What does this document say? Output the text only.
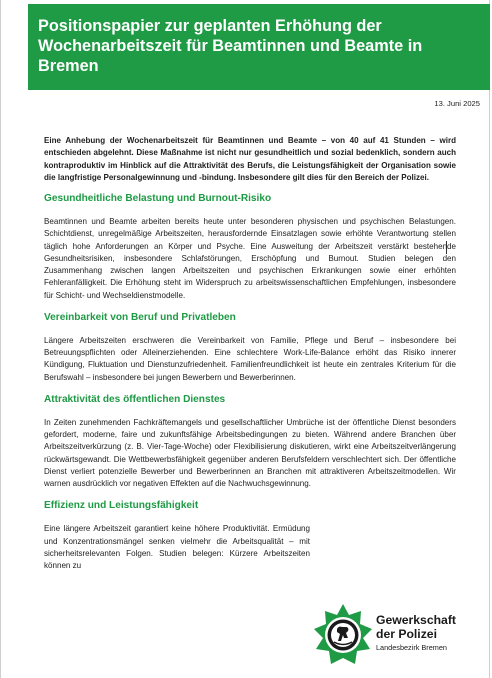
Positionspapier zur geplanten Erhöhung der Wochenarbeitszeit für Beamtinnen und Beamte in Bremen
13. Juni 2025

Eine Anhebung der Wochenarbeitszeit für Beamtinnen und Beamte – von 40 auf 41 Stunden – wird entschieden abgelehnt. Diese Maßnahme ist nicht nur gesundheitlich und sozial bedenklich, sondern auch kontraproduktiv im Hinblick auf die Attraktivität des Berufs, die Leistungsfähigkeit der Organisation sowie die langfristige Personalgewinnung und -bindung. Insbesondere gilt dies für den Bereich der Polizei.

Gesundheitliche Belastung und Burnout-Risiko

Beamtinnen und Beamte arbeiten bereits heute unter besonderen physischen und psychischen Belastungen. Schichtdienst, unregelmäßige Arbeitszeiten, herausfordernde Einsatzlagen sowie erhöhte Verantwortung stellen täglich hohe Anforderungen an Körper und Psyche. Eine Ausweitung der Arbeitszeit verstärkt bestehende Gesundheitsrisiken, insbesondere Schlafstörungen, Erschöpfung und Burnout. Studien belegen den Zusammenhang zwischen langen Arbeitszeiten und psychischen Erkrankungen sowie einer erhöhten Fehleranfälligkeit. Die Erhöhung steht im Widerspruch zu arbeitswissenschaftlichen Empfehlungen, insbesondere für Schicht- und Wechseldienstmodelle.

Vereinbarkeit von Beruf und Privatleben

Längere Arbeitszeiten erschweren die Vereinbarkeit von Familie, Pflege und Beruf – insbesondere bei Betreuungspflichten oder Alleinerziehenden. Eine schlechtere Work-Life-Balance erhöht das Risiko innerer Kündigung, Fluktuation und Dienstunzufriedenheit. Familienfreundlichkeit ist heute ein zentrales Kriterium für die Berufswahl – insbesondere bei jungen Bewerbern und Bewerberinnen.

Attraktivität des öffentlichen Dienstes

In Zeiten zunehmenden Fachkräftemangels und gesellschaftlicher Umbrüche ist der öffentliche Dienst besonders gefordert, moderne, faire und zukunftsfähige Arbeitsbedingungen zu bieten. Während andere Branchen über Arbeitszeitverkürzung (z. B. Vier-Tage-Woche) oder Flexibilisierung diskutieren, wirkt eine Arbeitszeitverlängerung rückwärtsgewandt. Die Wettbewerbsfähigkeit gegenüber anderen Berufsfeldern verschlechtert sich. Der öffentliche Dienst verliert potenzielle Bewerber und Bewerberinnen an Branchen mit attraktiveren Arbeitszeitmodellen. Wir warnen ausdrücklich vor negativen Effekten auf die Nachwuchsgewinnung.

Effizienz und Leistungsfähigkeit

Eine längere Arbeitszeit garantiert keine höhere Produktivität. Ermüdung und Konzentrationsmängel senken vielmehr die Arbeitsqualität – mit sicherheitsrelevanten Folgen. Studien belegen: Kürzere Arbeitszeiten können zu

Gewerkschaft
der Polizei
Landesbezirk Bremen
